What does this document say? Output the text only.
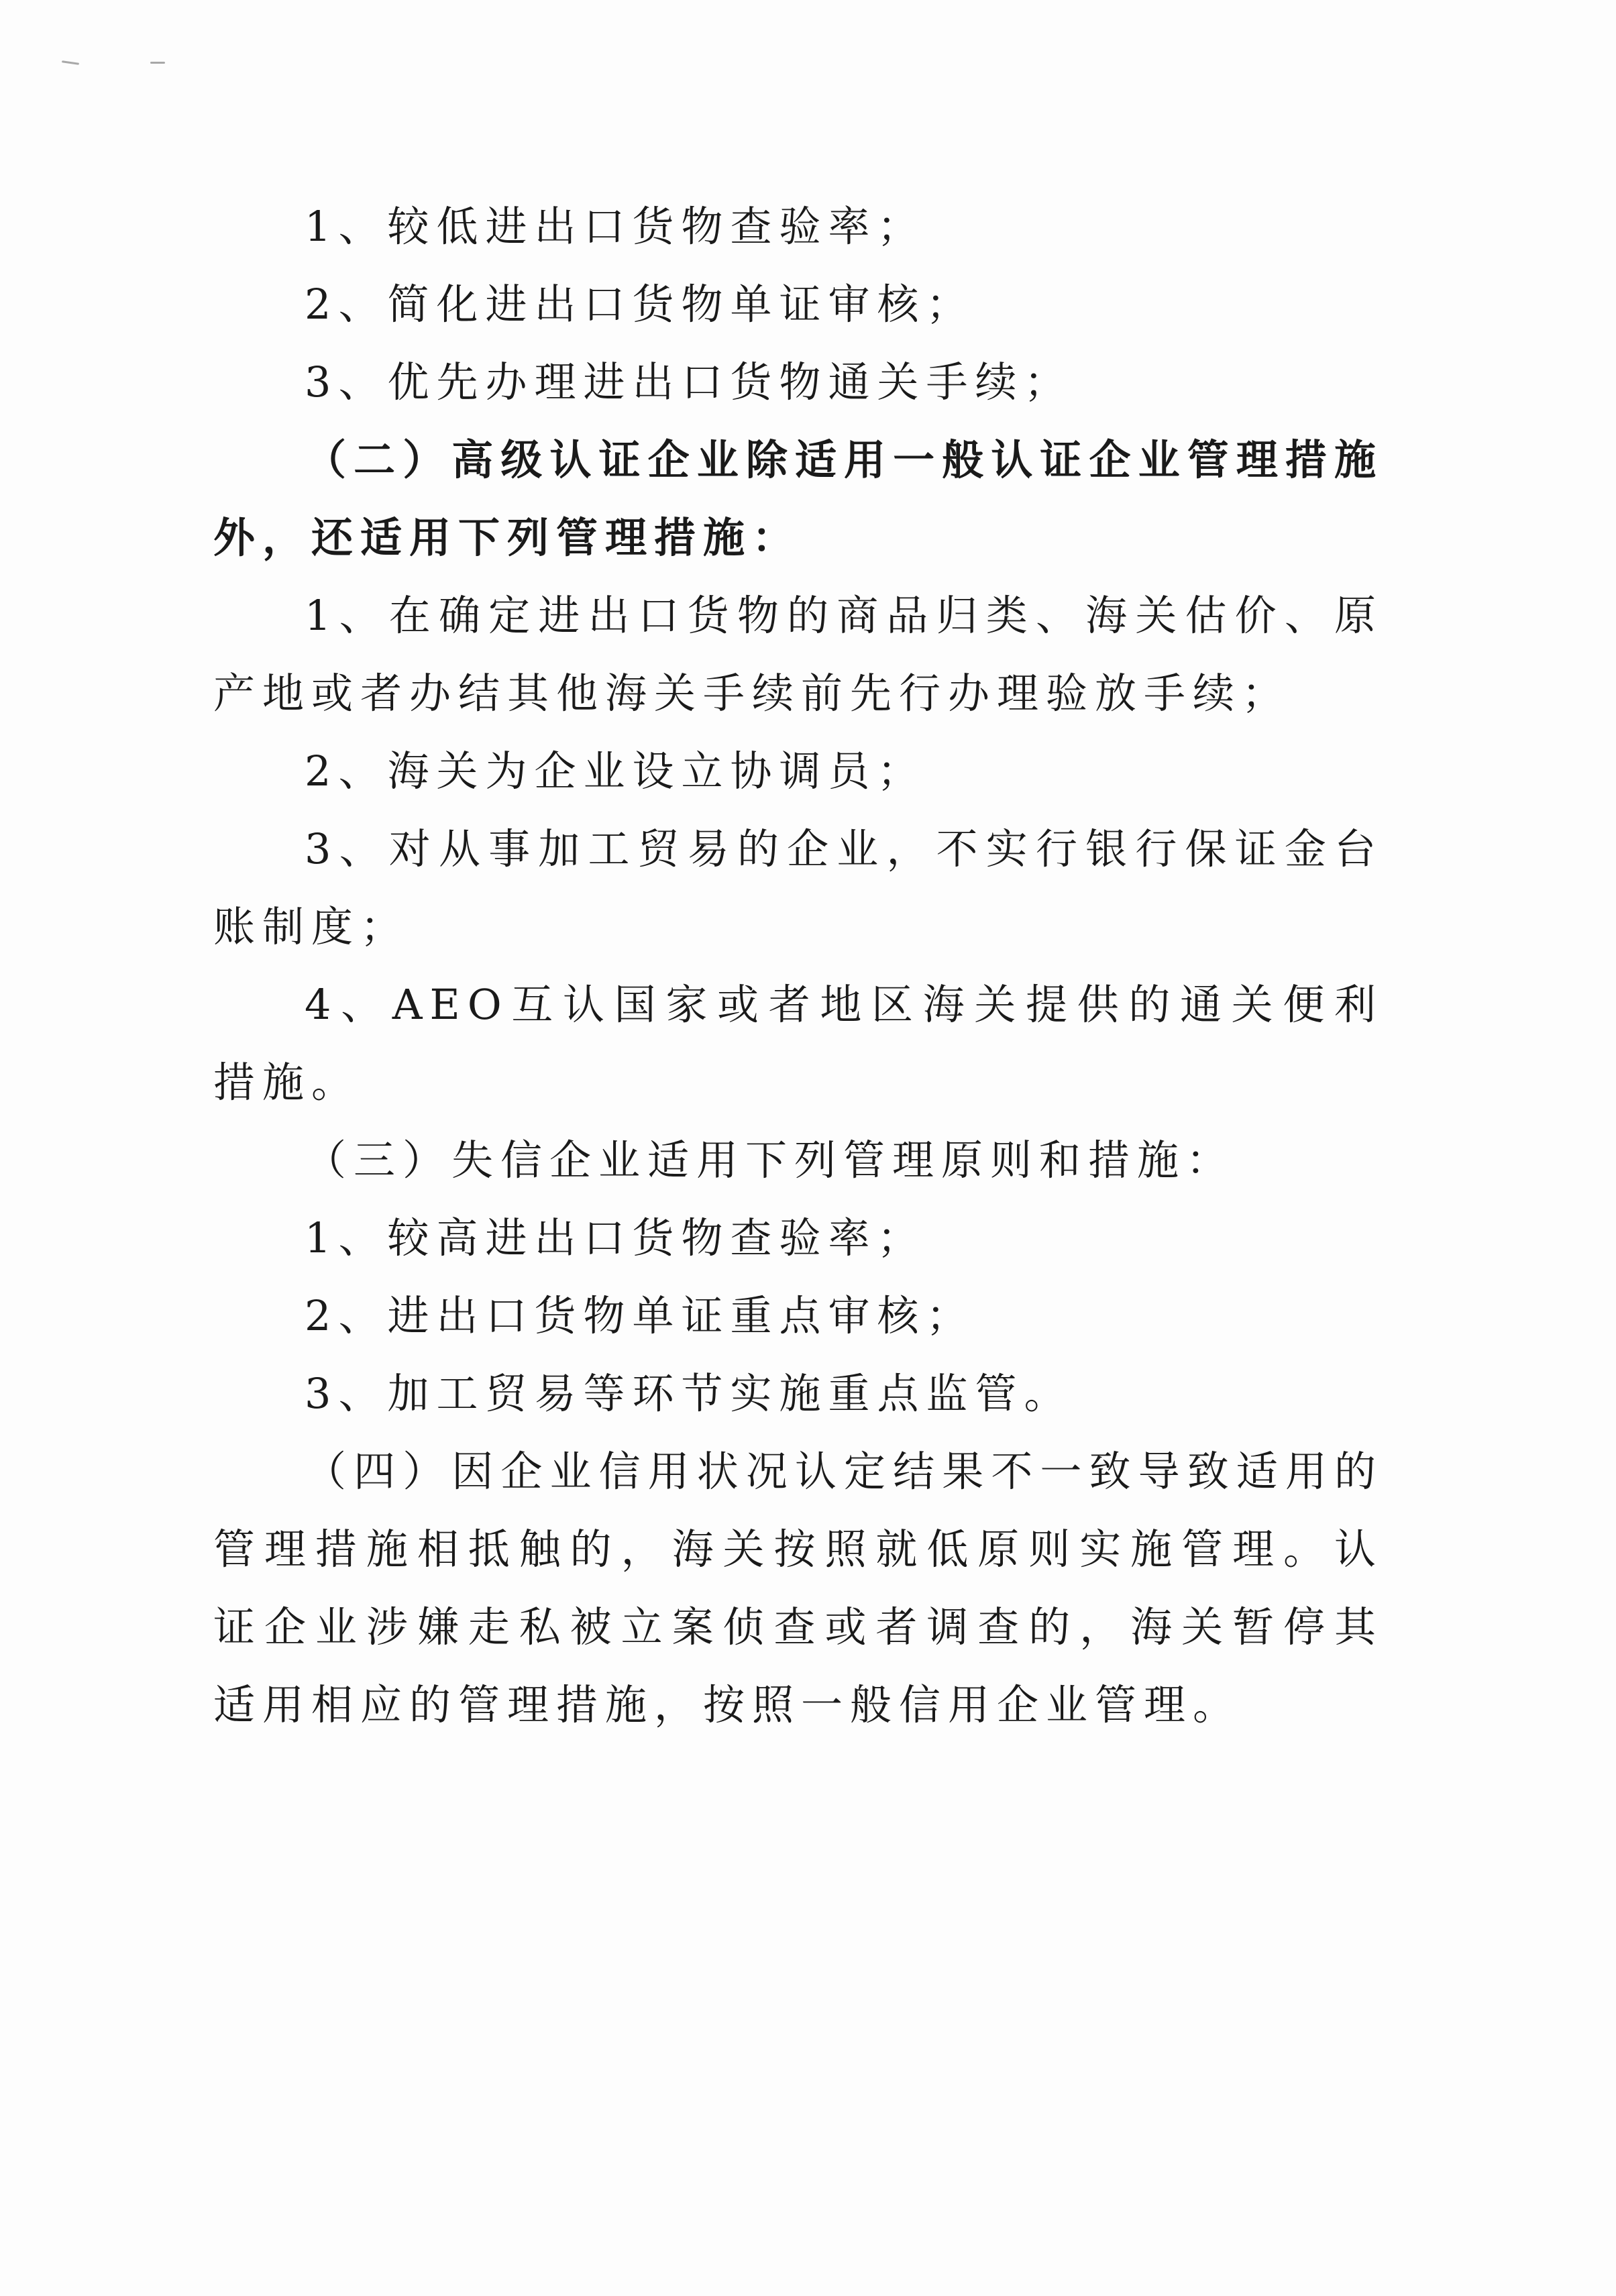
1、较低进出口货物查验率；

2、简化进出口货物单证审核；

3、优先办理进出口货物通关手续；

（二）高级认证企业除适用一般认证企业管理措施外，还适用下列管理措施：

1、在确定进出口货物的商品归类、海关估价、原产地或者办结其他海关手续前先行办理验放手续；

2、海关为企业设立协调员；

3、对从事加工贸易的企业，不实行银行保证金台账制度；

4、AEO互认国家或者地区海关提供的通关便利措施。

（三）失信企业适用下列管理原则和措施：

1、较高进出口货物查验率；

2、进出口货物单证重点审核；

3、加工贸易等环节实施重点监管。

（四）因企业信用状况认定结果不一致导致适用的管理措施相抵触的，海关按照就低原则实施管理。认证企业涉嫌走私被立案侦查或者调查的，海关暂停其适用相应的管理措施，按照一般信用企业管理。
